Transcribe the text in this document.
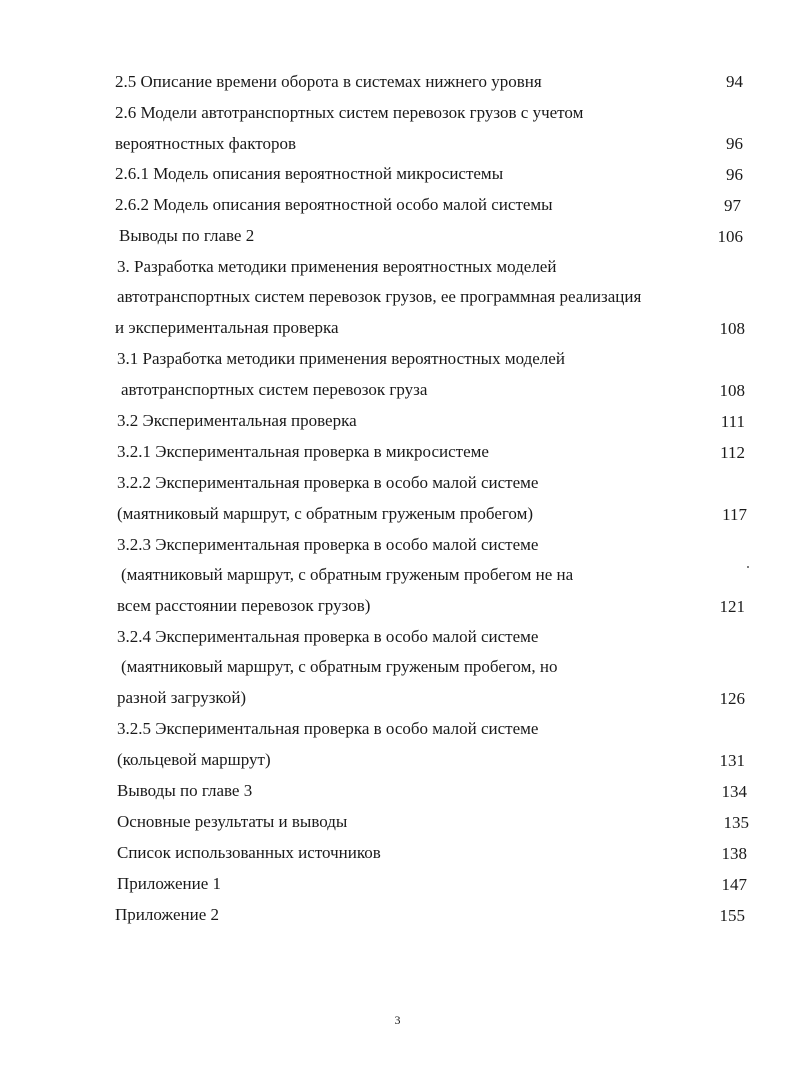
2.5 Описание времени оборота в системах нижнего уровня	94
2.6 Модели автотранспортных систем перевозок грузов с учетом
вероятностных факторов	96
2.6.1 Модель описания вероятностной микросистемы	96
2.6.2 Модель описания вероятностной особо малой системы	97
Выводы по главе 2	106
3. Разработка методики применения вероятностных моделей
автотранспортных систем перевозок грузов, ее программная реализация
и экспериментальная проверка	108
3.1 Разработка методики применения вероятностных моделей
автотранспортных систем перевозок груза	108
3.2 Экспериментальная проверка	111
3.2.1 Экспериментальная проверка в микросистеме	112
3.2.2 Экспериментальная проверка в особо малой системе
(маятниковый маршрут, с обратным груженым пробегом)	117
3.2.3 Экспериментальная проверка в особо малой системе
(маятниковый маршрут, с обратным груженым пробегом не на
всем расстоянии перевозок грузов)	121
3.2.4 Экспериментальная проверка в особо малой системе
(маятниковый маршрут, с обратным груженым пробегом, но
разной загрузкой)	126
3.2.5 Экспериментальная проверка в особо малой системе
(кольцевой маршрут)	131
Выводы по главе 3	134
Основные результаты и выводы	135
Список использованных источников	138
Приложение 1	147
Приложение 2	155
3
